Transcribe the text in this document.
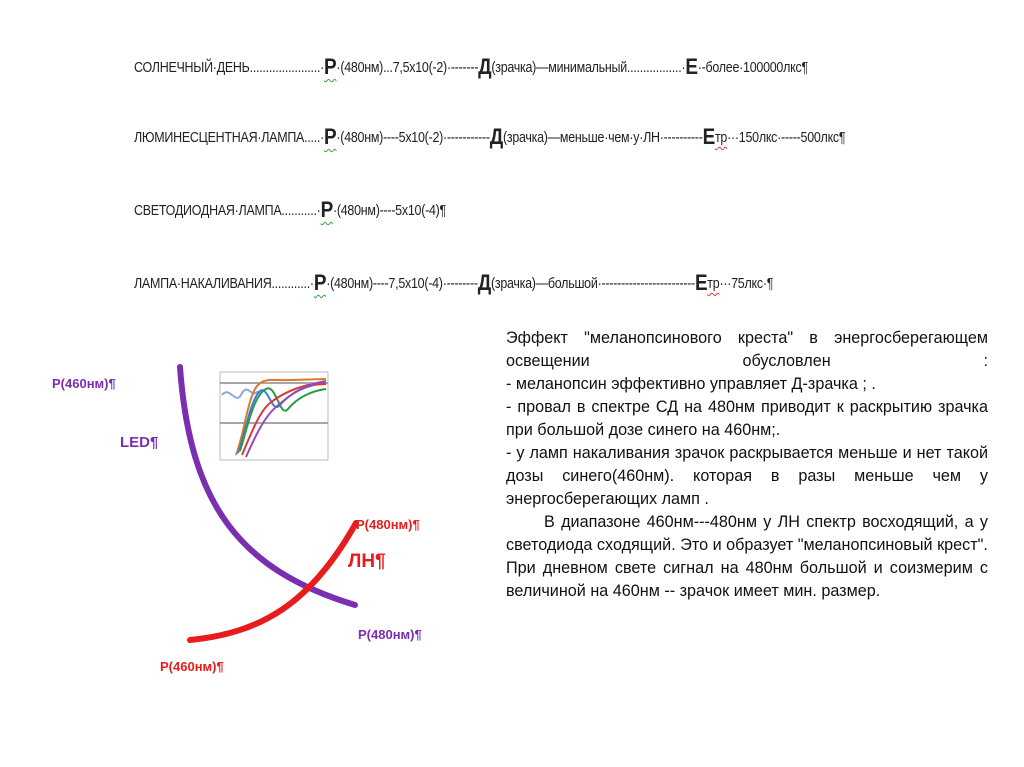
СОЛНЕЧНЫЙ·ДЕНЬ......................·Р·(480нм)...7,5х10(-2)·-------Д(зрачка)—минимальный.................·Е·-более·100000лкс¶
ЛЮМИНЕСЦЕНТНАЯ·ЛАМПА.....·Р·(480нм)----5х10(-2)·-----------Д(зрачка)—меньше·чем·у·ЛН·----------Етр···150лкс·-----500лкс¶
СВЕТОДИОДНАЯ·ЛАМПА...........·Р·(480нм)----5х10(-4)¶
ЛАМПА·НАКАЛИВАНИЯ............·Р·(480нм)----7,5х10(-4)·--------Д(зрачка)—большой·------------------------Етр···75лкс·¶
Р(460нм)¶
LED¶
Р(480нм)¶
Р(480нм)¶
ЛН¶
Р(460нм)¶

Эффект "меланопсинового креста" в энергосберегающем освещении обусловлен :

- меланопсин эффективно управляет Д-зрачка ; .

- провал в спектре СД на 480нм приводит к раскрытию зрачка при большой дозе синего на 460нм;.

- у ламп накаливания зрачок раскрывается меньше и нет такой дозы синего(460нм). которая в разы меньше чем у энергосберегающих ламп .

В диапазоне 460нм---480нм у ЛН спектр восходящий, а у светодиода сходящий. Это и образует "меланопсиновый крест".

При дневном свете сигнал на 480нм большой и соизмерим с величиной на 460нм -- зрачок имеет мин. размер.
